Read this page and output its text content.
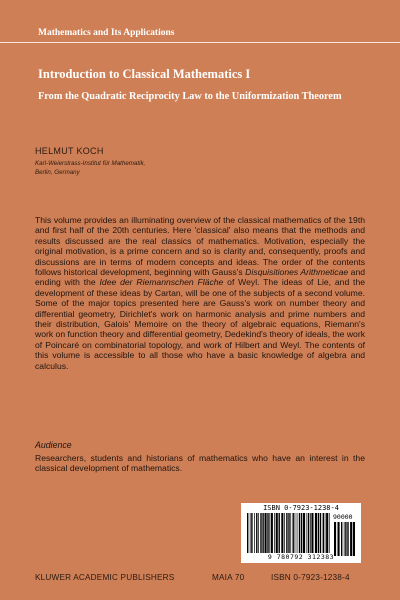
Mathematics and Its Applications
Introduction to Classical Mathematics I
From the Quadratic Reciprocity Law to the Uniformization Theorem
HELMUT KOCH
Karl-Weierstrass-Institut für Mathematik,
Berlin, Germany
This volume provides an illuminating overview of the classical mathematics of the 19th and first half of the 20th centuries. Here 'classical' also means that the methods and results discussed are the real classics of mathematics. Motivation, especially the original motivation, is a prime concern and so is clarity and, consequently, proofs and discussions are in terms of modern concepts and ideas. The order of the contents follows historical development, beginning with Gauss's Disquisitiones Arithmeticae and ending with the Idee der Riemannschen Fläche of Weyl. The ideas of Lie, and the development of these ideas by Cartan, will be one of the subjects of a second volume. Some of the major topics presented here are Gauss's work on number theory and differential geometry, Dirichlet's work on harmonic analysis and prime numbers and their distribution, Galois' Memoire on the theory of algebraic equations, Riemann's work on function theory and differential geometry, Dedekind's theory of ideals, the work of Poincaré on combinatorial topology, and work of Hilbert and Weyl. The contents of this volume is accessible to all those who have a basic knowledge of algebra and calculus.
Audience
Researchers, students and historians of mathematics who have an interest in the classical development of mathematics.
ISBN 0-7923-1238-4
90000
9 780792 312383
KLUWER ACADEMIC PUBLISHERS	MAIA 70	ISBN 0-7923-1238-4
